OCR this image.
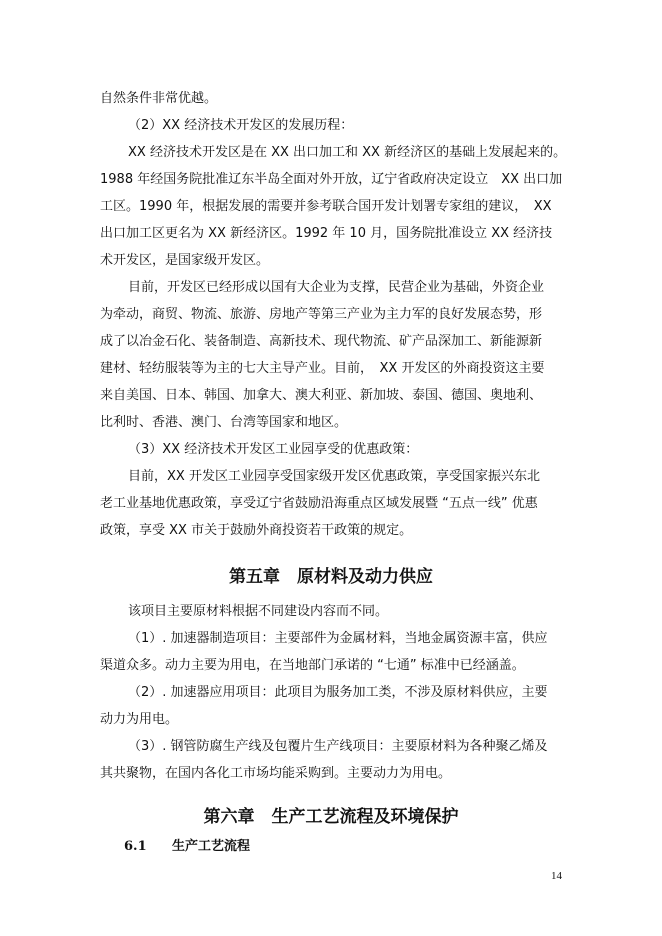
自然条件非常优越。
（2）XX 经济技术开发区的发展历程：
XX 经济技术开发区是在 XX 出口加工和 XX 新经济区的基础上发展起来的。
1988 年经国务院批准辽东半岛全面对外开放，辽宁省政府决定设立　XX 出口加
工区。1990 年，根据发展的需要并参考联合国开发计划署专家组的建议，　XX
出口加工区更名为 XX 新经济区。1992 年 10 月，国务院批准设立 XX 经济技
术开发区，是国家级开发区。
目前，开发区已经形成以国有大企业为支撑，民营企业为基础，外资企业
为牵动，商贸、物流、旅游、房地产等第三产业为主力军的良好发展态势，形
成了以冶金石化、装备制造、高新技术、现代物流、矿产品深加工、新能源新
建材、轻纺服装等为主的七大主导产业。目前，　XX 开发区的外商投资这主要
来自美国、日本、韩国、加拿大、澳大利亚、新加坡、泰国、德国、奥地利、
比利时、香港、澳门、台湾等国家和地区。
（3）XX 经济技术开发区工业园享受的优惠政策：
目前，XX 开发区工业园享受国家级开发区优惠政策，享受国家振兴东北
老工业基地优惠政策，享受辽宁省鼓励沿海重点区域发展暨 “五点一线” 优惠
政策，享受 XX 市关于鼓励外商投资若干政策的规定。
第五章　原材料及动力供应
该项目主要原材料根据不同建设内容而不同。
（1）. 加速器制造项目：主要部件为金属材料，当地金属资源丰富，供应
渠道众多。动力主要为用电，在当地部门承诺的 “七通” 标准中已经涵盖。
（2）. 加速器应用项目：此项目为服务加工类，不涉及原材料供应，主要
动力为用电。
（3）. 钢管防腐生产线及包覆片生产线项目：主要原材料为各种聚乙烯及
其共聚物，在国内各化工市场均能采购到。主要动力为用电。
第六章　生产工艺流程及环境保护
6.1 生产工艺流程
14
